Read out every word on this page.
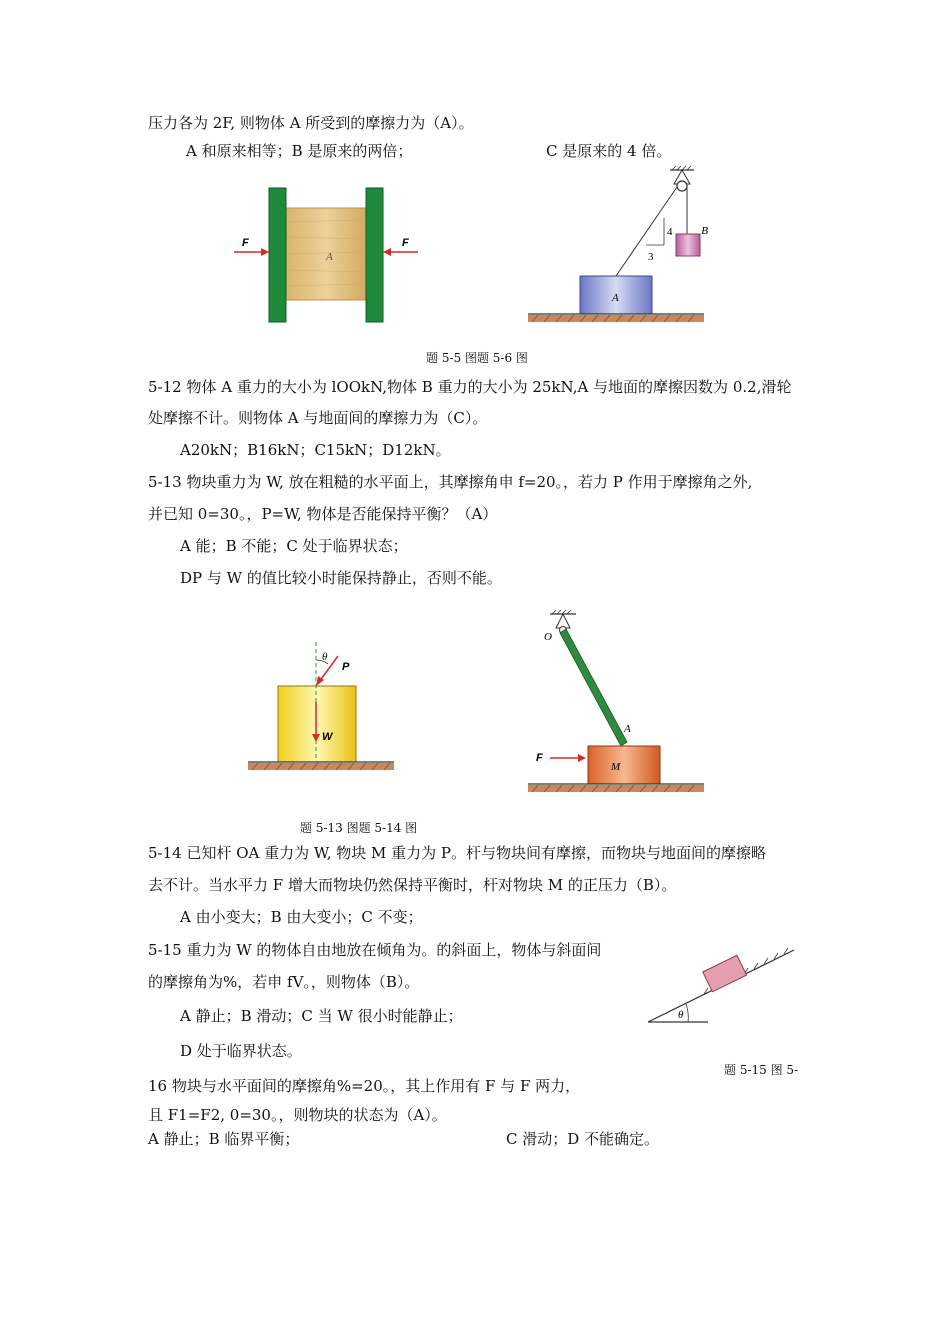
压力各为 2F, 则物体 A 所受到的摩擦力为（A）。
A 和原来相等；B 是原来的两倍；	C 是原来的 4 倍。
F	F
A
4
3
B
A
题 5-5 图题 5-6 图
5-12 物体 A 重力的大小为 lOOkN,物体 B 重力的大小为 25kN,A 与地面的摩擦因数为 0.2,滑轮
处摩擦不计。则物体 A 与地面间的摩擦力为（C）。
A20kN；B16kN；C15kN；D12kN。
5-13 物块重力为 W, 放在粗糙的水平面上，其摩擦角申 f=20。，若力 P 作用于摩擦角之外,
并已知 0=30。，P=W, 物体是否能保持平衡？（A）
A 能；B 不能；C 处于临界状态；
DP 与 W 的值比较小时能保持静止，否则不能。
θ
P
W
O
A
M
F
题 5-13 图题 5-14 图
5-14 已知杆 OA 重力为 W, 物块 M 重力为 P。杆与物块间有摩擦，而物块与地面间的摩擦略
去不计。当水平力 F 增大而物块仍然保持平衡时，杆对物块 M 的正压力（B）。
A 由小变大；B 由大变小；C 不变；
5-15 重力为 W 的物体自由地放在倾角为。的斜面上，物体与斜面间
的摩擦角为%，若申 fV。，则物体（B）。
A 静止；B 滑动；C 当 W 很小时能静止；
D 处于临界状态。
θ
题 5-15 图 5-
16 物块与水平面间的摩擦角%=20。，其上作用有 F 与 F 两力，
且 F1=F2, 0=30。，则物块的状态为（A）。
A 静止；B 临界平衡；	C 滑动；D 不能确定。
